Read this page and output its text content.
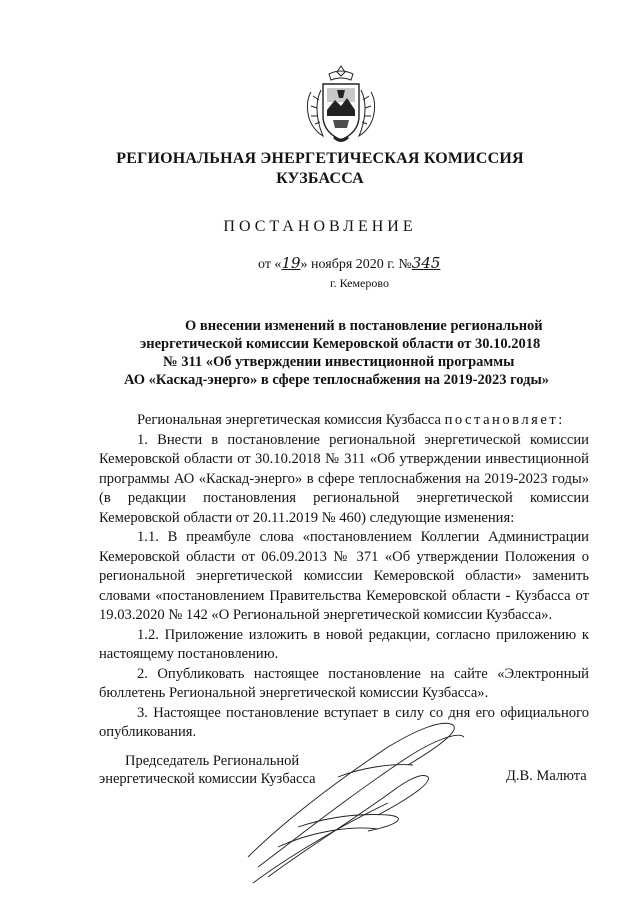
РЕГИОНАЛЬНАЯ ЭНЕРГЕТИЧЕСКАЯ КОМИССИЯ
КУЗБАССА
ПОСТАНОВЛЕНИЕ
от «19» ноября 2020 г. №345
г. Кемерово
О внесении изменений в постановление региональной
энергетической комиссии Кемеровской области от 30.10.2018
№ 311 «Об утверждении инвестиционной программы
АО «Каскад-энерго» в сфере теплоснабжения на 2019-2023 годы»

Региональная энергетическая комиссия Кузбасса постановляет:

1. Внести в постановление региональной энергетической комиссии Кемеровской области от 30.10.2018 № 311 «Об утверждении инвестиционной программы АО «Каскад-энерго» в сфере теплоснабжения на 2019-2023 годы» (в редакции постановления региональной энергетической комиссии Кемеровской области от 20.11.2019 № 460) следующие изменения:

1.1. В преамбуле слова «постановлением Коллегии Администрации Кемеровской области от 06.09.2013 № 371 «Об утверждении Положения о региональной энергетической комиссии Кемеровской области» заменить словами «постановлением Правительства Кемеровской области - Кузбасса от 19.03.2020 № 142 «О Региональной энергетической комиссии Кузбасса».

1.2. Приложение изложить в новой редакции, согласно приложению к настоящему постановлению.

2. Опубликовать настоящее постановление на сайте «Электронный бюллетень Региональной энергетической комиссии Кузбасса».

3. Настоящее постановление вступает в силу со дня его официального опубликования.

Председатель Региональной
энергетической комиссии Кузбасса	Д.В. Малюта
